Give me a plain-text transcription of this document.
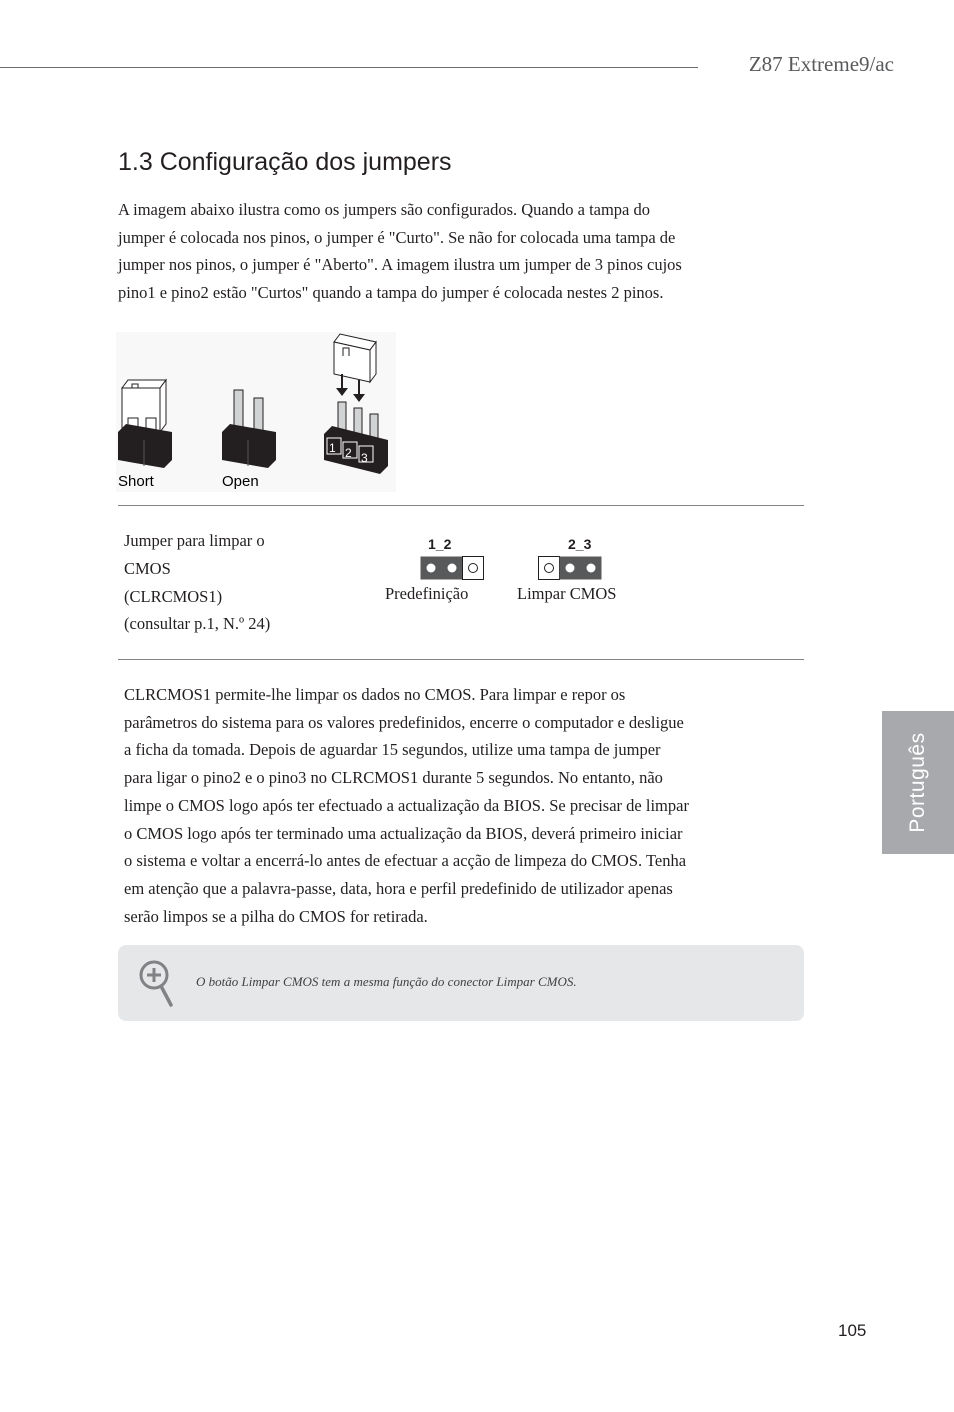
Z87 Extreme9/ac
1.3 Configuração dos jumpers

A imagem abaixo ilustra como os jumpers são configurados. Quando a tampa do

jumper é colocada nos pinos, o jumper é "Curto". Se não for colocada uma tampa de

jumper nos pinos, o jumper é "Aberto". A imagem ilustra um jumper de 3 pinos cujos

pino1 e pino2 estão "Curtos" quando a tampa do jumper é colocada nestes 2 pinos.

1 2 3
Short	Open
Jumper para limpar o
CMOS
(CLRCMOS1)
(consultar p.1, N.º 24)
1_2
Predefinição
2_3
Limpar CMOS

CLRCMOS1 permite-lhe limpar os dados no CMOS. Para limpar e repor os

parâmetros do sistema para os valores predefinidos, encerre o computador e desligue

a ficha da tomada. Depois de aguardar 15 segundos, utilize uma tampa de jumper

para ligar o pino2 e o pino3 no CLRCMOS1 durante 5 segundos. No entanto, não

limpe o CMOS logo após ter efectuado a actualização da BIOS. Se precisar de limpar

o CMOS logo após ter terminado uma actualização da BIOS, deverá primeiro iniciar

o sistema e voltar a encerrá-lo antes de efectuar a acção de limpeza do CMOS. Tenha

em atenção que a palavra-passe, data, hora e perfil predefinido de utilizador apenas

serão limpos se a pilha do CMOS for retirada.

O botão Limpar CMOS tem a mesma função do conector Limpar CMOS.
Português
105
